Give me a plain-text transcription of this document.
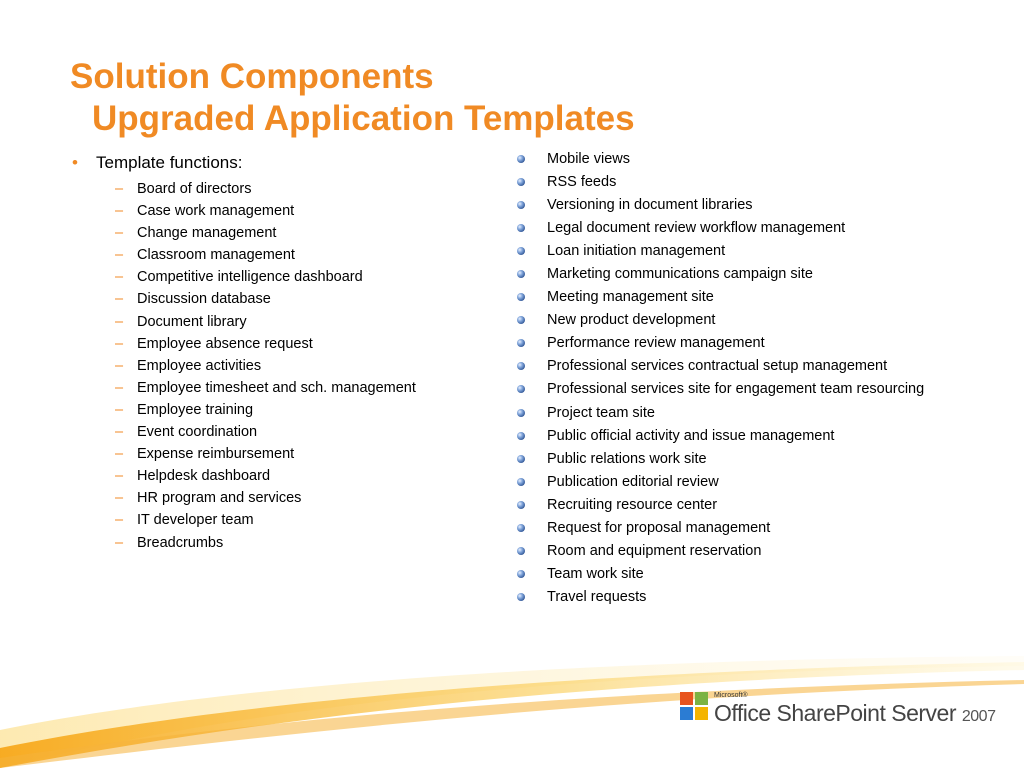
Solution Components
Upgraded Application Templates
• Template functions:
– Board of directors
– Case work management
– Change management
– Classroom management
– Competitive intelligence dashboard
– Discussion database
– Document library
– Employee absence request
– Employee activities
– Employee timesheet and sch. management
– Employee training
– Event coordination
– Expense reimbursement
– Helpdesk dashboard
– HR program and services
– IT developer team
– Breadcrumbs
Mobile views
RSS feeds
Versioning in document libraries
Legal document review workflow management
Loan initiation management
Marketing communications campaign site
Meeting management site
New product development
Performance review management
Professional services contractual setup management
Professional services site for engagement team resourcing
Project team site
Public official activity and issue management
Public relations work site
Publication editorial review
Recruiting resource center
Request for proposal management
Room and equipment reservation
Team work site
Travel requests
Microsoft®
Office SharePoint Server 2007
